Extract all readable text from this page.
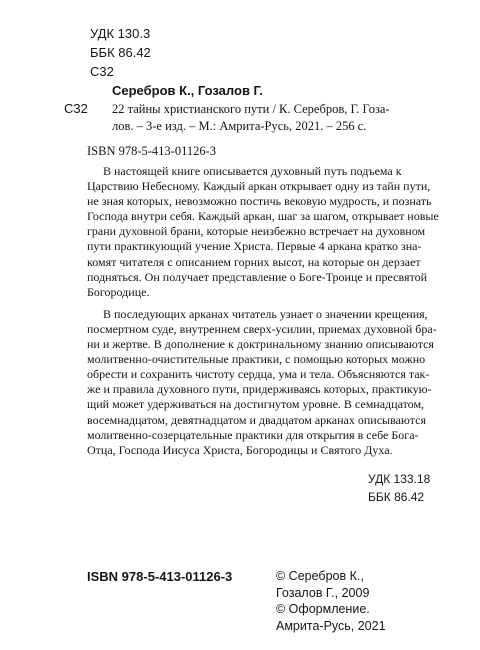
УДК 130.3
ББК 86.42
С32
Серебров К., Гозалов Г.
С32 22 тайны христианского пути / К. Серебров, Г. Гоза-
лов. – 3-е изд. – М.: Амрита-Русь, 2021. – 256 с.
ISBN 978-5-413-01126-3
В настоящей книге описывается духовный путь подъема к
Царствию Небесному. Каждый аркан открывает одну из тайн пути,
не зная которых, невозможно постичь вековую мудрость, и познать
Господа внутри себя. Каждый аркан, шаг за шагом, открывает новые
грани духовной брани, которые неизбежно встречает на духовном
пути практикующий учение Христа. Первые 4 аркана кратко зна-
комят читателя с описанием горних высот, на которые он дерзает
подняться. Он получает представление о Боге-Троице и пресвятой
Богородице.
В последующих арканах читатель узнает о значении крещения,
посмертном суде, внутреннем сверх-усилии, приемах духовной бра-
ни и жертве. В дополнение к доктринальному знанию описываются
молитвенно-очистительные практики, с помощью которых можно
обрести и сохранить чистоту сердца, ума и тела. Объясняются так-
же и правила духовного пути, придерживаясь которых, практикую-
щий может удерживаться на достигнутом уровне. В семнадцатом,
восемнадцатом, девятнадцатом и двадцатом арканах описываются
молитвенно-созерцательные практики для открытия в себе Бога-
Отца, Господа Иисуса Христа, Богородицы и Святого Духа.
УДК 133.18
ББК 86.42
ISBN 978-5-413-01126-3	© Серебров К.,
Гозалов Г., 2009
© Оформление.
Амрита-Русь, 2021
